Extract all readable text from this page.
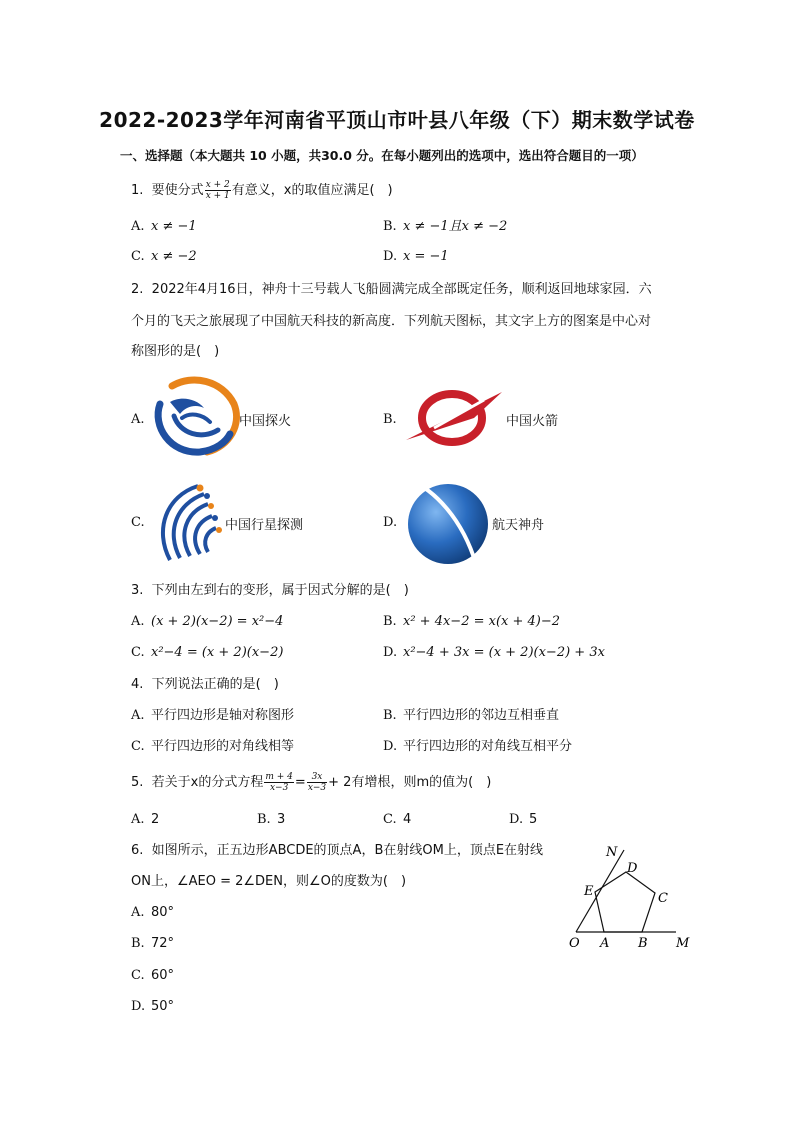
2022-2023学年河南省平顶山市叶县八年级（下）期末数学试卷
一、选择题（本大题共 10 小题，共30.0 分。在每小题列出的选项中，选出符合题目的一项）
1. 要使分式 $\frac{x + 2}{x + 1}$ 有意义，x的取值应满足(　)
A. x ≠ −1	B. x ≠ −1且x ≠ −2
C. x ≠ −2	D. x = −1
2. 2022年4月16日，神舟十三号载人飞船圆满完成全部既定任务，顺利返回地球家园．六
个月的飞天之旅展现了中国航天科技的新高度．下列航天图标，其文字上方的图案是中心对
称图形的是(　)
A.	中国探火	B.	中国火箭
C.	中国行星探测	D.	航天神舟
3. 下列由左到右的变形，属于因式分解的是(　)
A. (x + 2)(x−2) = x²−4	B. x² + 4x−2 = x(x + 4)−2
C. x²−4 = (x + 2)(x−2)	D. x²−4 + 3x = (x + 2)(x−2) + 3x
4. 下列说法正确的是(　)
A. 平行四边形是轴对称图形	B. 平行四边形的邻边互相垂直
C. 平行四边形的对角线相等	D. 平行四边形的对角线互相平分
5. 若关于x的分式方程 $\frac{m + 4}{x-3} = \frac{3x}{x-3} + 2$有增根，则m的值为(　)
A. 2	B. 3	C. 4	D. 5
6. 如图所示，正五边形ABCDE的顶点A，B在射线OM上，顶点E在射线
ON上，∠AEO = 2∠DEN，则∠O的度数为(　)
A. 80°
B. 72°
C. 60°
D. 50°
N
D
E	C
O A B M
